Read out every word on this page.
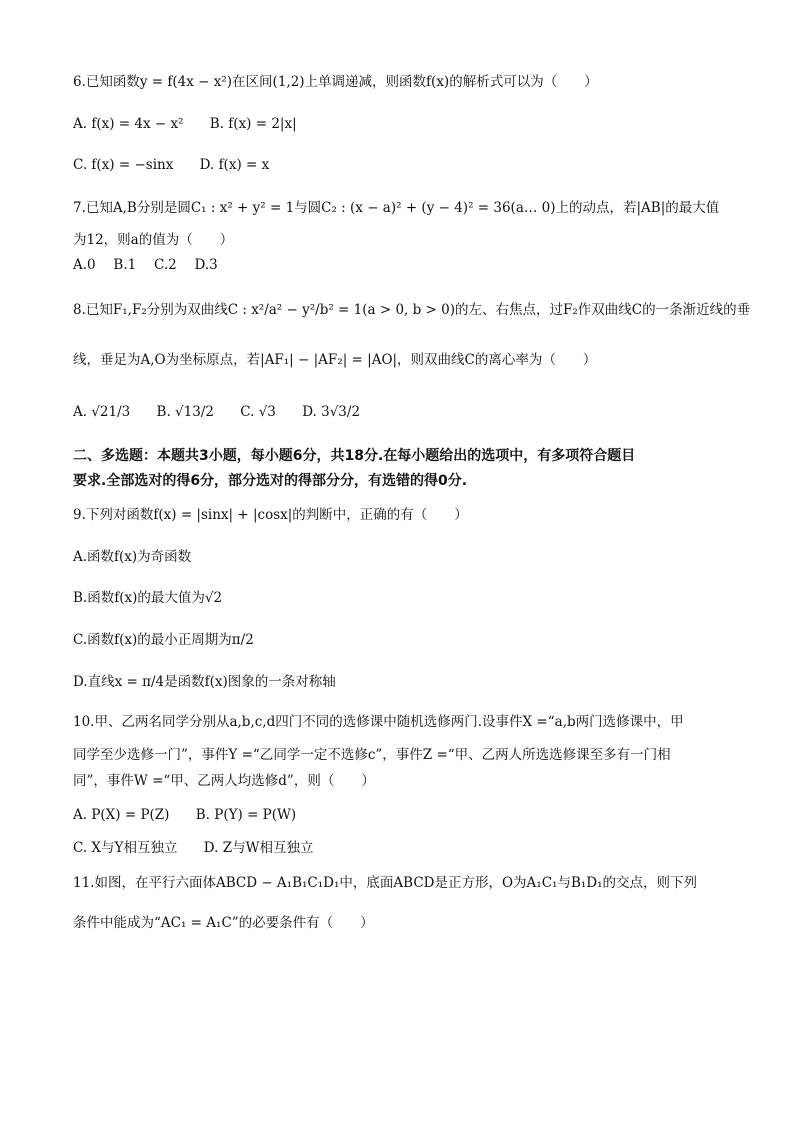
6.已知函数y = f(4x − x²)在区间(1,2)上单调递减，则函数f(x)的解析式可以为（　　）
A. f(x) = 4x − x² B. f(x) = 2|x|
C. f(x) = −sinx D. f(x) = x
7.已知A,B分别是圆C₁ : x² + y² = 1与圆C₂ : (x − a)² + (y − 4)² = 36(a… 0)上的动点，若|AB|的最大值
为12，则a的值为（　　）
A.0　 B.1　 C.2　 D.3
8.已知F₁,F₂分别为双曲线C : x²/a² − y²/b² = 1(a > 0, b > 0)的左、右焦点，过F₂作双曲线C的一条渐近线的垂
线，垂足为A,O为坐标原点，若|AF₁| − |AF₂| = |AO|，则双曲线C的离心率为（　　）
A. √21/3 B. √13/2 C. √3 D. 3√3/2
二、多选题：本题共3小题，每小题6分，共18分.在每小题给出的选项中，有多项符合题目
要求.全部选对的得6分，部分选对的得部分分，有选错的得0分.
9.下列对函数f(x) = |sinx| + |cosx|的判断中，正确的有（　　）
A.函数f(x)为奇函数
B.函数f(x)的最大值为√2
C.函数f(x)的最小正周期为π/2
D.直线x = π/4是函数f(x)图象的一条对称轴
10.甲、乙两名同学分别从a,b,c,d四门不同的选修课中随机选修两门.设事件X =“a,b两门选修课中，甲
同学至少选修一门”，事件Y =“乙同学一定不选修c”，事件Z =“甲、乙两人所选选修课至多有一门相
同”，事件W =“甲、乙两人均选修d”，则（　　）
A. P(X) = P(Z) B. P(Y) = P(W)
C. X与Y相互独立 D. Z与W相互独立
11.如图，在平行六面体ABCD − A₁B₁C₁D₁中，底面ABCD是正方形，O为A₁C₁与B₁D₁的交点，则下列
条件中能成为“AC₁ = A₁C”的必要条件有（　　）
